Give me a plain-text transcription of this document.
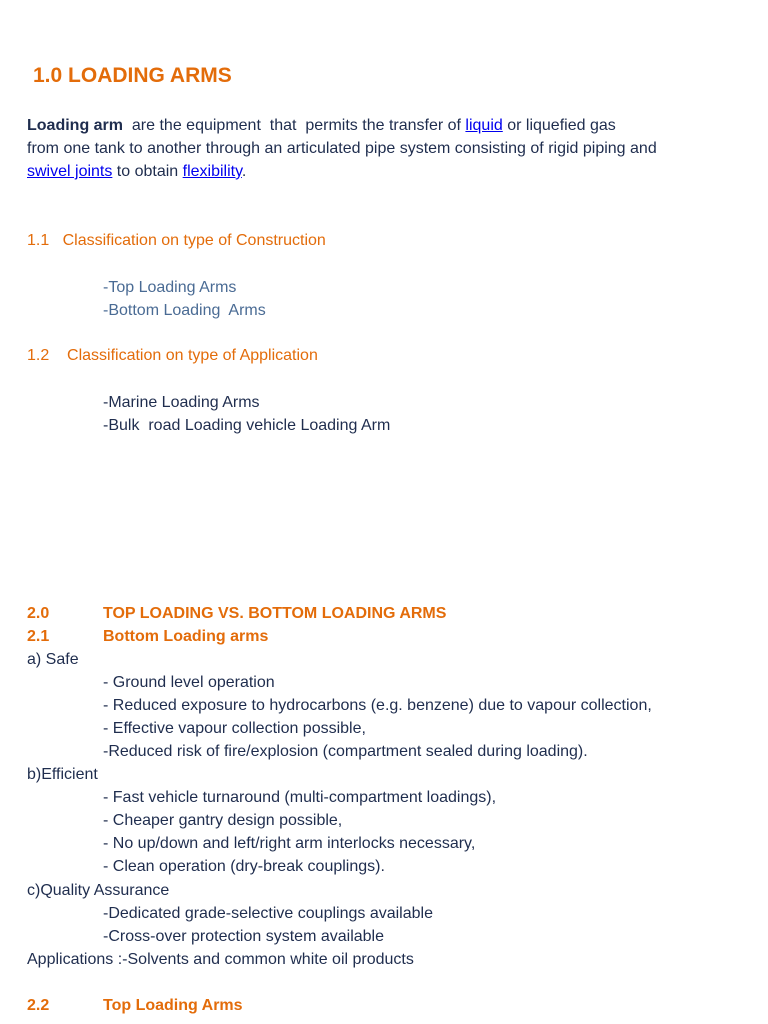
1.0 LOADING ARMS
Loading arm  are the equipment  that  permits the transfer of liquid or liquefied gas
from one tank to another through an articulated pipe system consisting of rigid piping and
swivel joints to obtain flexibility.
1.1   Classification on type of Construction
-Top Loading Arms
-Bottom Loading  Arms
1.2    Classification on type of Application
-Marine Loading Arms
-Bulk  road Loading vehicle Loading Arm
2.0	TOP LOADING VS. BOTTOM LOADING ARMS
2.1	Bottom Loading arms
a) Safe
- Ground level operation
- Reduced exposure to hydrocarbons (e.g. benzene) due to vapour collection,
- Effective vapour collection possible,
-Reduced risk of fire/explosion (compartment sealed during loading).
b)Efficient
- Fast vehicle turnaround (multi-compartment loadings),
- Cheaper gantry design possible,
- No up/down and left/right arm interlocks necessary,
- Clean operation (dry-break couplings).
c)Quality Assurance
-Dedicated grade-selective couplings available
-Cross-over protection system available
Applications :-Solvents and common white oil products
2.2	Top Loading Arms
